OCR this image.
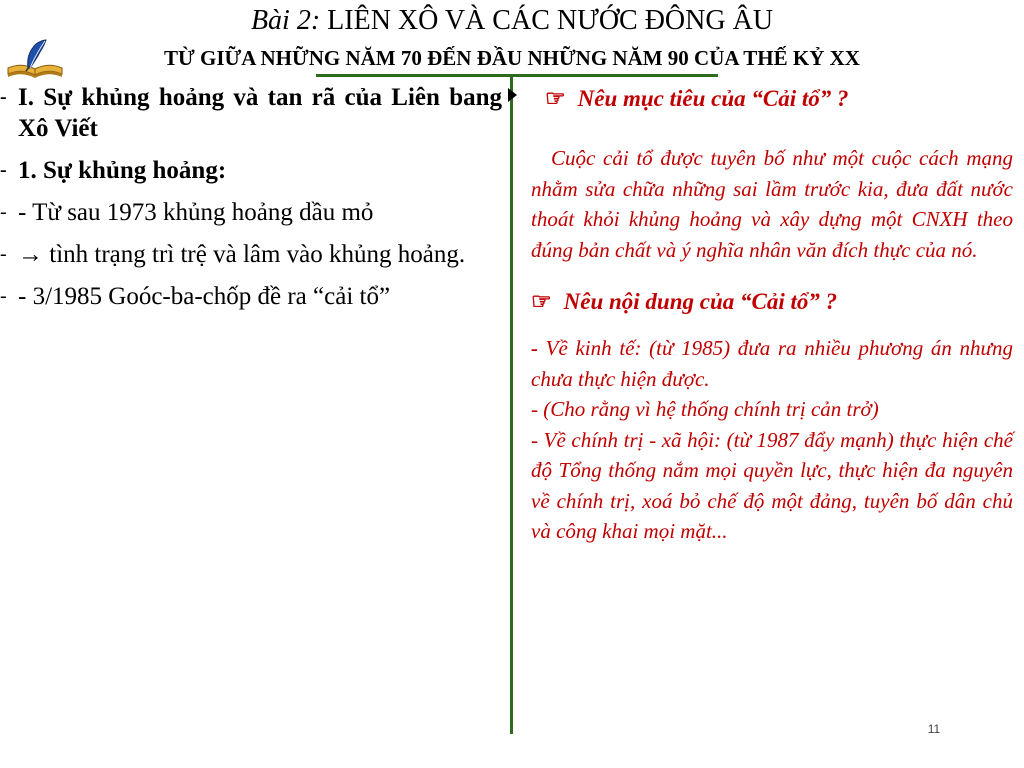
Bài 2: LIÊN XÔ VÀ CÁC NƯỚC ĐÔNG ÂU
TỪ GIỮA NHỮNG NĂM 70 ĐẾN ĐẦU NHỮNG NĂM 90 CỦA THẾ KỶ XX
- I. Sự khủng hoảng và tan rã của Liên bang Xô Viết
- 1. Sự khủng hoảng:
- - Từ sau 1973 khủng hoảng dầu mỏ
- → tình trạng trì trệ và lâm vào khủng hoảng.
- - 3/1985 Goóc-ba-chốp đề ra “cải tổ”

☞ Nêu mục tiêu của “Cải tổ” ?

Cuộc cải tổ được tuyên bố như một cuộc cách mạng nhằm sửa chữa những sai lầm trước kia, đưa đất nước thoát khỏi khủng hoảng và xây dựng một CNXH theo đúng bản chất và ý nghĩa nhân văn đích thực của nó.

☞ Nêu nội dung của “Cải tổ” ?

- Về kinh tế: (từ 1985) đưa ra nhiều phương án nhưng chưa thực hiện được.

- (Cho rằng vì hệ thống chính trị cản trở)

- Về chính trị - xã hội: (từ 1987 đẩy mạnh) thực hiện chế độ Tổng thống nắm mọi quyền lực, thực hiện đa nguyên về chính trị, xoá bỏ chế độ một đảng, tuyên bố dân chủ và công khai mọi mặt...

11
